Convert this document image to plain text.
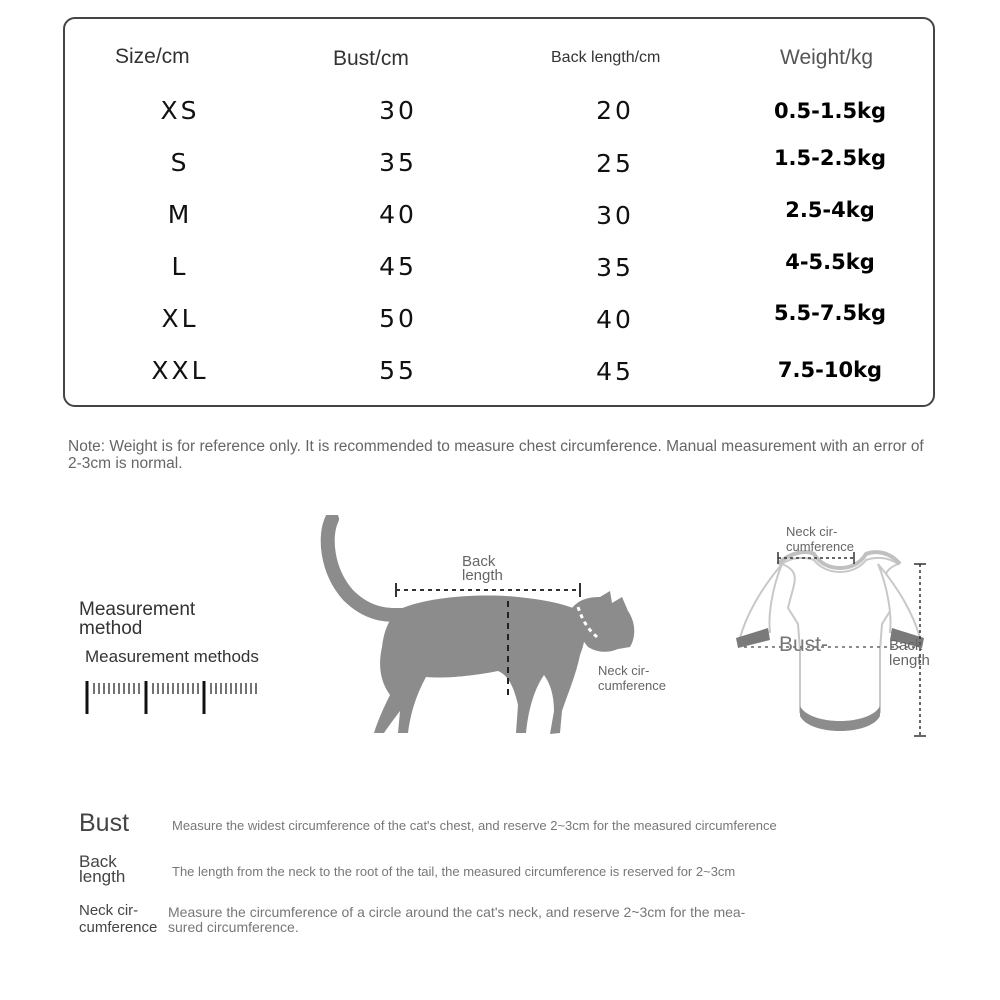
Size/cm	Bust/cm	Back length/cm	Weight/kg
XS	30	20	0.5-1.5kg
S	35	25	1.5-2.5kg
M	40	30	2.5-4kg
L	45	35	4-5.5kg
XL	50	40	5.5-7.5kg
XXL	55	45	7.5-10kg
Note: Weight is for reference only. It is recommended to measure chest circumference. Manual measurement with an error of 2-3cm is normal.
Measurement
method
Measurement methods
Back
length
Bust
Neck cir-
cumference
Neck cir-
cumference
Bust-	Back
length
Bust	Measure the widest circumference of the cat's chest, and reserve 2~3cm for the measured circumference
Back
length	The length from the neck to the root of the tail, the measured circumference is reserved for 2~3cm
Neck cir-
cumference
Measure the circumference of a circle around the cat's neck, and reserve 2~3cm for the mea-
sured circumference.
